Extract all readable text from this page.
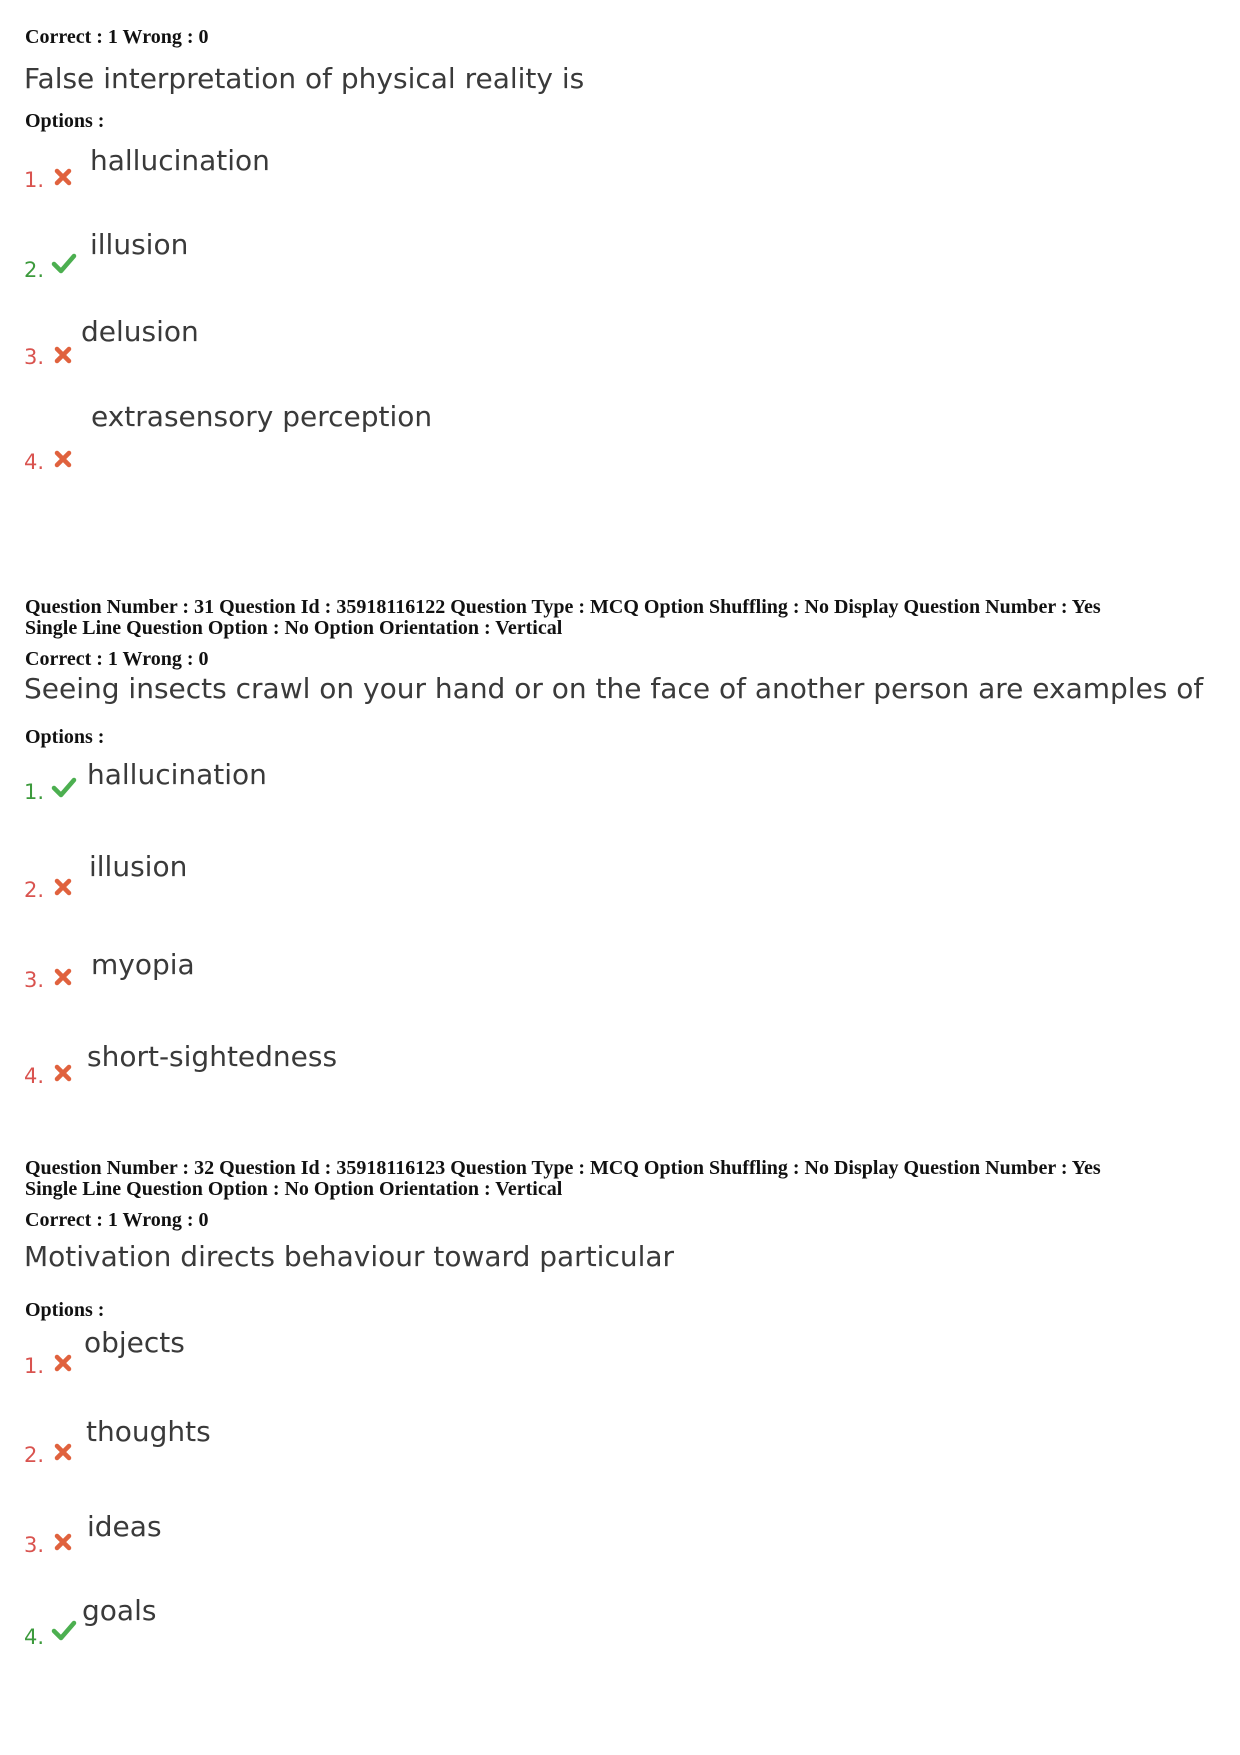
Correct : 1 Wrong : 0
False interpretation of physical reality is
Options :
1.
hallucination
2.
illusion
3.
delusion
4.
extrasensory perception
Question Number : 31 Question Id : 35918116122 Question Type : MCQ Option Shuffling : No Display Question Number : Yes
Single Line Question Option : No Option Orientation : Vertical
Correct : 1 Wrong : 0
Seeing insects crawl on your hand or on the face of another person are examples of
Options :
1.
hallucination
2.
illusion
3. myopia
4.
short-sightedness
Question Number : 32 Question Id : 35918116123 Question Type : MCQ Option Shuffling : No Display Question Number : Yes
Single Line Question Option : No Option Orientation : Vertical
Correct : 1 Wrong : 0
Motivation directs behaviour toward particular
Options :
1.
objects
2.
thoughts
3.
ideas
4.
goals
